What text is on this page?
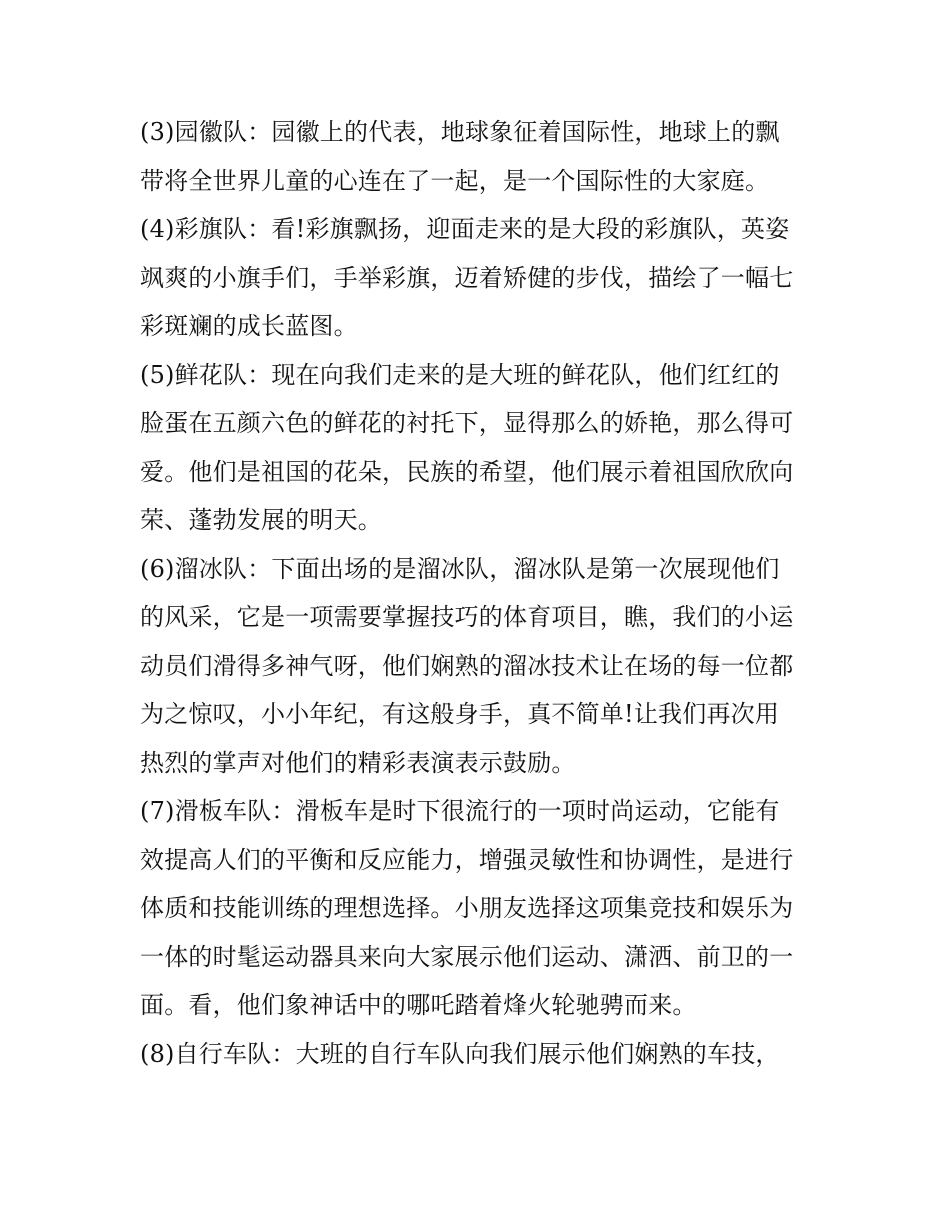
(3)园徽队：园徽上的代表，地球象征着国际性，地球上的飘
带将全世界儿童的心连在了一起，是一个国际性的大家庭。
(4)彩旗队：看!彩旗飘扬，迎面走来的是大段的彩旗队，英姿
飒爽的小旗手们，手举彩旗，迈着矫健的步伐，描绘了一幅七
彩斑斓的成长蓝图。
(5)鲜花队：现在向我们走来的是大班的鲜花队，他们红红的
脸蛋在五颜六色的鲜花的衬托下，显得那么的娇艳，那么得可
爱。他们是祖国的花朵，民族的希望，他们展示着祖国欣欣向
荣、蓬勃发展的明天。
(6)溜冰队：下面出场的是溜冰队，溜冰队是第一次展现他们
的风采，它是一项需要掌握技巧的体育项目，瞧，我们的小运
动员们滑得多神气呀，他们娴熟的溜冰技术让在场的每一位都
为之惊叹，小小年纪，有这般身手，真不简单!让我们再次用
热烈的掌声对他们的精彩表演表示鼓励。
(7)滑板车队：滑板车是时下很流行的一项时尚运动，它能有
效提高人们的平衡和反应能力，增强灵敏性和协调性，是进行
体质和技能训练的理想选择。小朋友选择这项集竞技和娱乐为
一体的时髦运动器具来向大家展示他们运动、潇洒、前卫的一
面。看，他们象神话中的哪吒踏着烽火轮驰骋而来。
(8)自行车队：大班的自行车队向我们展示他们娴熟的车技，
